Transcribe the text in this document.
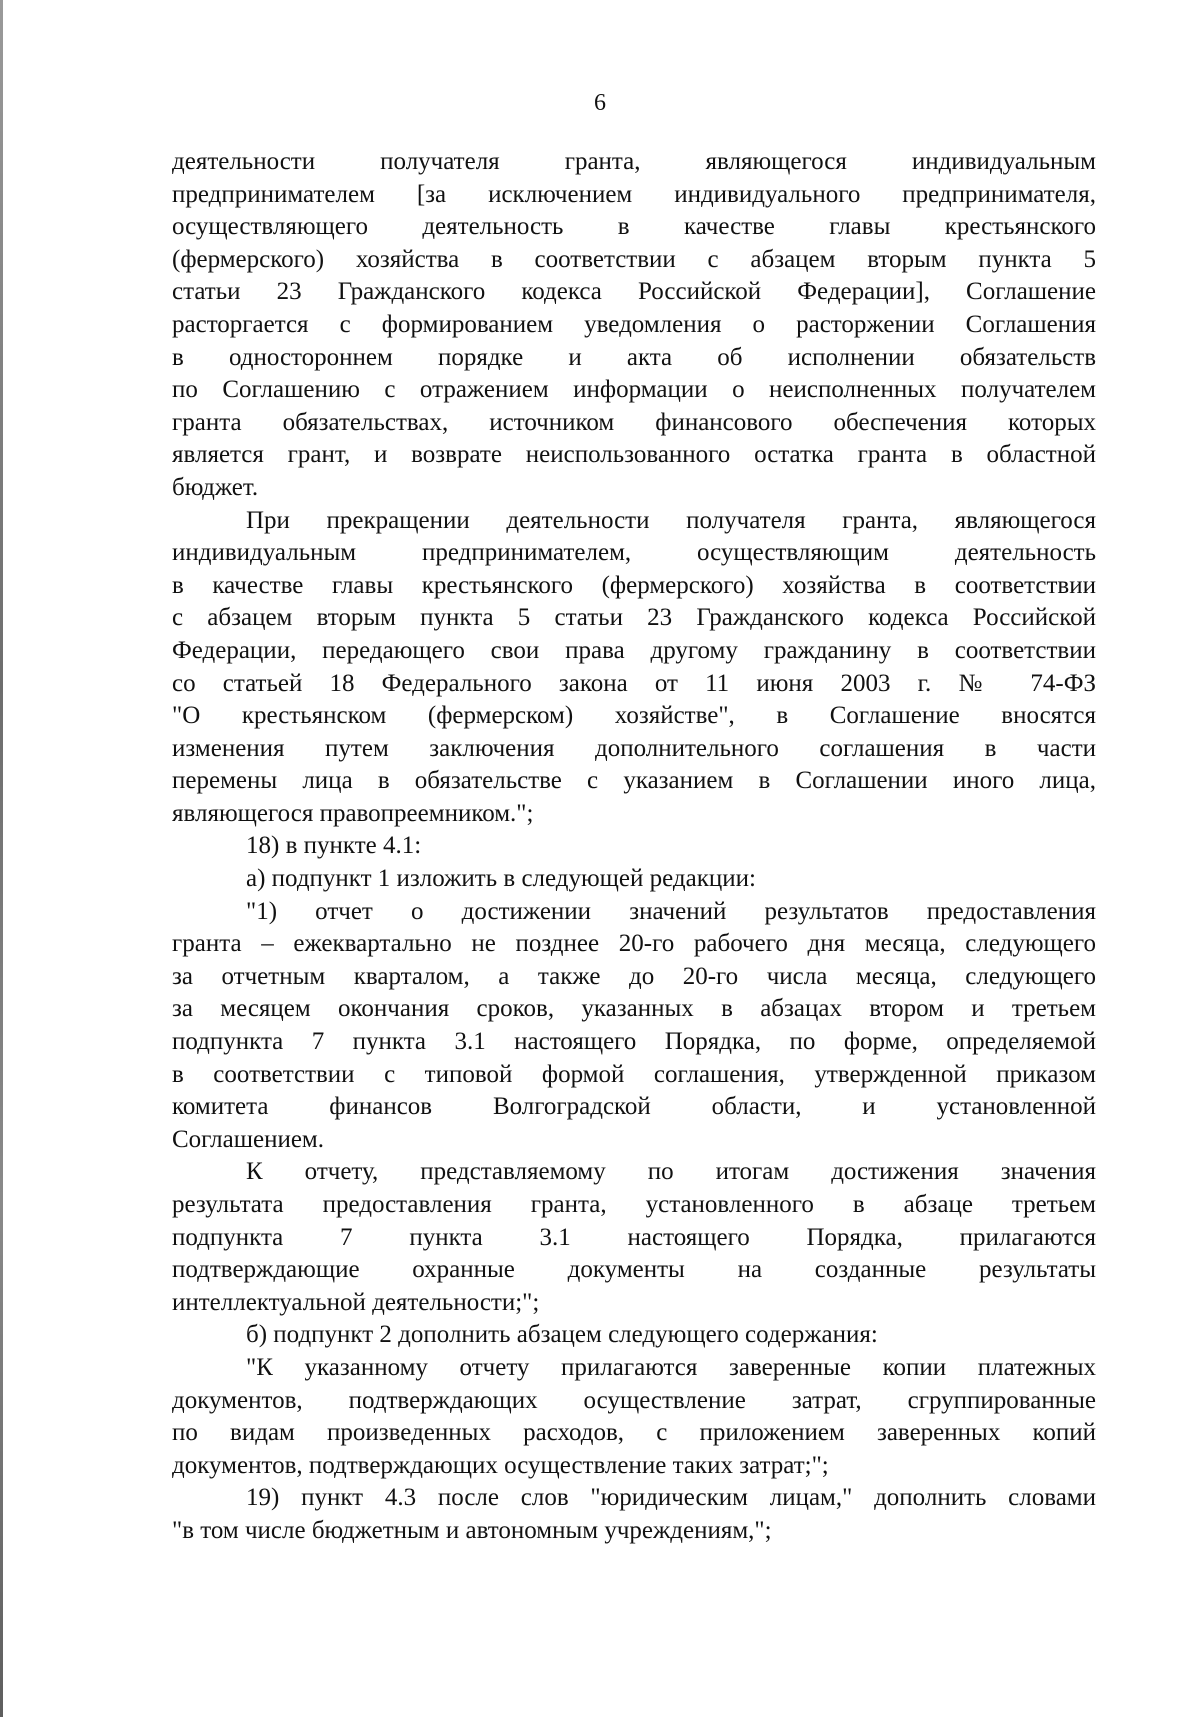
6
деятельности получателя гранта, являющегося индивидуальным
предпринимателем [за исключением индивидуального предпринимателя,
осуществляющего деятельность в качестве главы крестьянского
(фермерского) хозяйства в соответствии с абзацем вторым пункта 5
статьи 23 Гражданского кодекса Российской Федерации], Соглашение
расторгается с формированием уведомления о расторжении Соглашения
в одностороннем порядке и акта об исполнении обязательств
по Соглашению с отражением информации о неисполненных получателем
гранта обязательствах, источником финансового обеспечения которых
является грант, и возврате неиспользованного остатка гранта в областной
бюджет.
При прекращении деятельности получателя гранта, являющегося
индивидуальным предпринимателем, осуществляющим деятельность
в качестве главы крестьянского (фермерского) хозяйства в соответствии
с абзацем вторым пункта 5 статьи 23 Гражданского кодекса Российской
Федерации, передающего свои права другому гражданину в соответствии
со статьей 18 Федерального закона от 11 июня 2003 г. № 74-ФЗ
"О крестьянском (фермерском) хозяйстве", в Соглашение вносятся
изменения путем заключения дополнительного соглашения в части
перемены лица в обязательстве с указанием в Соглашении иного лица,
являющегося правопреемником.";
18) в пункте 4.1:
а) подпункт 1 изложить в следующей редакции:
"1) отчет о достижении значений результатов предоставления
гранта – ежеквартально не позднее 20-го рабочего дня месяца, следующего
за отчетным кварталом, а также до 20-го числа месяца, следующего
за месяцем окончания сроков, указанных в абзацах втором и третьем
подпункта 7 пункта 3.1 настоящего Порядка, по форме, определяемой
в соответствии с типовой формой соглашения, утвержденной приказом
комитета финансов Волгоградской области, и установленной
Соглашением.
К отчету, представляемому по итогам достижения значения
результата предоставления гранта, установленного в абзаце третьем
подпункта 7 пункта 3.1 настоящего Порядка, прилагаются
подтверждающие охранные документы на созданные результаты
интеллектуальной деятельности;";
б) подпункт 2 дополнить абзацем следующего содержания:
"К указанному отчету прилагаются заверенные копии платежных
документов, подтверждающих осуществление затрат, сгруппированные
по видам произведенных расходов, с приложением заверенных копий
документов, подтверждающих осуществление таких затрат;";
19) пункт 4.3 после слов "юридическим лицам," дополнить словами
"в том числе бюджетным и автономным учреждениям,";
